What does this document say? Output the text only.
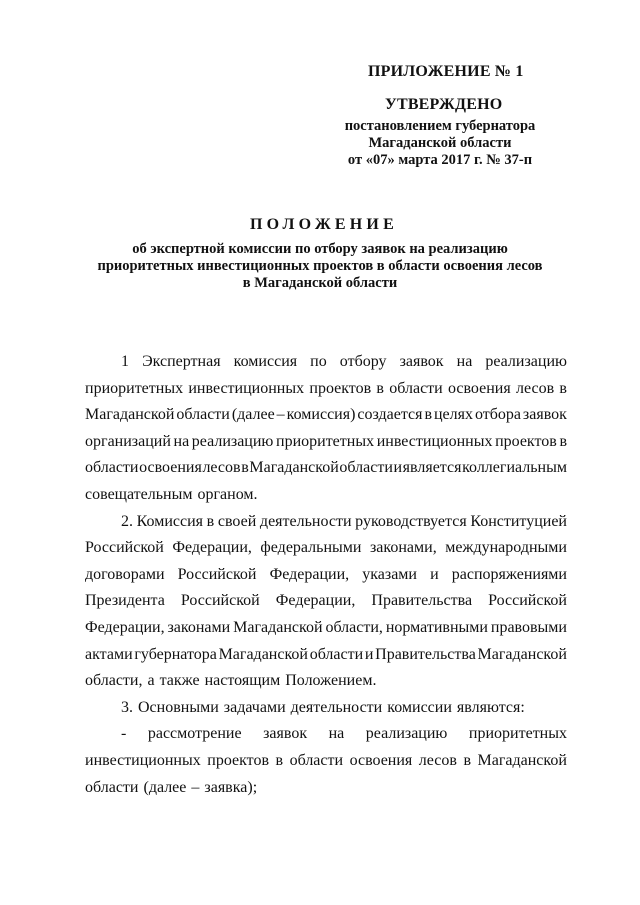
ПРИЛОЖЕНИЕ № 1
УТВЕРЖДЕНО
постановлением губернатора
Магаданской области
от «07» марта 2017 г. № 37-п
ПОЛОЖЕНИЕ
об экспертной комиссии по отбору заявок на реализацию
приоритетных инвестиционных проектов в области освоения лесов
в Магаданской области
1 Экспертная комиссия по отбору заявок на реализацию
приоритетных инвестиционных проектов в области освоения лесов в
Магаданской области (далее – комиссия) создается в целях отбора заявок
организаций на реализацию приоритетных инвестиционных проектов в
области освоения лесов в Магаданской области и является коллегиальным
совещательным органом.
2. Комиссия в своей деятельности руководствуется Конституцией
Российской Федерации, федеральными законами, международными
договорами Российской Федерации, указами и распоряжениями
Президента Российской Федерации, Правительства Российской
Федерации, законами Магаданской области, нормативными правовыми
актами губернатора Магаданской области и Правительства Магаданской
области, а также настоящим Положением.
3. Основными задачами деятельности комиссии являются:
- рассмотрение заявок на реализацию приоритетных
инвестиционных проектов в области освоения лесов в Магаданской
области (далее – заявка);
